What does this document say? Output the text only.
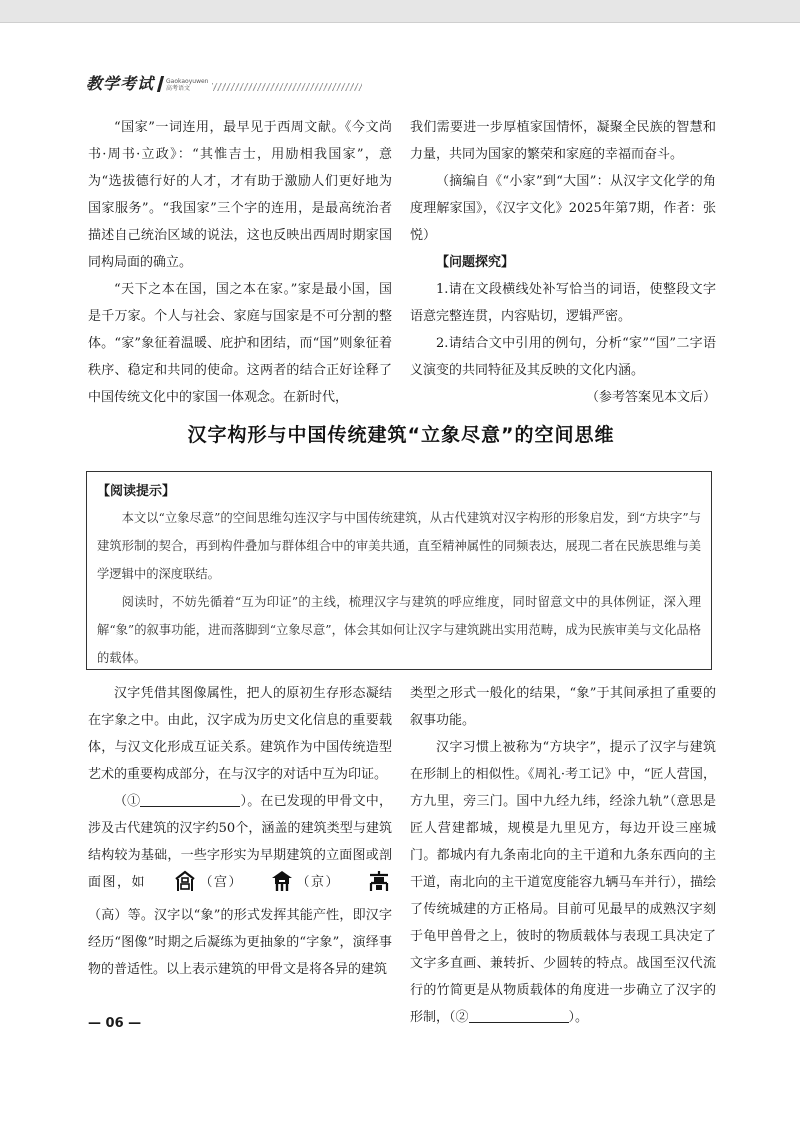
教学考试 Gaokaoyuwen
高考语文

“国家”一词连用，最早见于西周文献。《今文尚书·周书·立政》：“其惟吉士，用励相我国家”，意为“选拔德行好的人才，才有助于激励人们更好地为国家服务”。“我国家”三个字的连用，是最高统治者描述自己统治区域的说法，这也反映出西周时期家国同构局面的确立。

“天下之本在国，国之本在家。”家是最小国，国是千万家。个人与社会、家庭与国家是不可分割的整体。“家”象征着温暖、庇护和团结，而“国”则象征着秩序、稳定和共同的使命。这两者的结合正好诠释了中国传统文化中的家国一体观念。在新时代，

我们需要进一步厚植家国情怀，凝聚全民族的智慧和力量，共同为国家的繁荣和家庭的幸福而奋斗。

（摘编自《“小家”到“大国”：从汉字文化学的角度理解家国》，《汉字文化》2025年第7期，作者：张悦）

【问题探究】

1.请在文段横线处补写恰当的词语，使整段文字语意完整连贯，内容贴切，逻辑严密。

2.请结合文中引用的例句，分析“家”“国”二字语义演变的共同特征及其反映的文化内涵。

（参考答案见本文后）

汉字构形与中国传统建筑“立象尽意”的空间思维
【阅读提示】

本文以“立象尽意”的空间思维勾连汉字与中国传统建筑，从古代建筑对汉字构形的形象启发，到“方块字”与建筑形制的契合，再到构件叠加与群体组合中的审美共通，直至精神属性的同频表达，展现二者在民族思维与美学逻辑中的深度联结。

阅读时，不妨先循着“互为印证”的主线，梳理汉字与建筑的呼应维度，同时留意文中的具体例证，深入理解“象”的叙事功能，进而落脚到“立象尽意”，体会其如何让汉字与建筑跳出实用范畴，成为民族审美与文化品格的载体。

汉字凭借其图像属性，把人的原初生存形态凝结在字象之中。由此，汉字成为历史文化信息的重要载体，与汉文化形成互证关系。建筑作为中国传统造型艺术的重要构成部分，在与汉字的对话中互为印证。

（①	）。在已发现的甲骨文中，涉及古代建筑的汉字约50个，涵盖的建筑类型与建筑结构较为基础，一些字形实为早期建筑的立面图或剖面图，如	（宫）	（京）（高）等。汉字以“象”的形式发挥其能产性，即汉字经历“图像”时期之后凝练为更抽象的“字象”，演绎事物的普适性。以上表示建筑的甲骨文是将各异的建筑

类型之形式一般化的结果，“象”于其间承担了重要的叙事功能。

汉字习惯上被称为“方块字”，提示了汉字与建筑在形制上的相似性。《周礼·考工记》中，“匠人营国，方九里，旁三门。国中九经九纬，经涂九轨”（意思是匠人营建都城，规模是九里见方，每边开设三座城门。都城内有九条南北向的主干道和九条东西向的主干道，南北向的主干道宽度能容九辆马车并行），描绘了传统城建的方正格局。目前可见最早的成熟汉字刻于龟甲兽骨之上，彼时的物质载体与表现工具决定了文字多直画、兼转折、少圆转的特点。战国至汉代流行的竹简更是从物质载体的角度进一步确立了汉字的形制，（②	）。

— 06 —
